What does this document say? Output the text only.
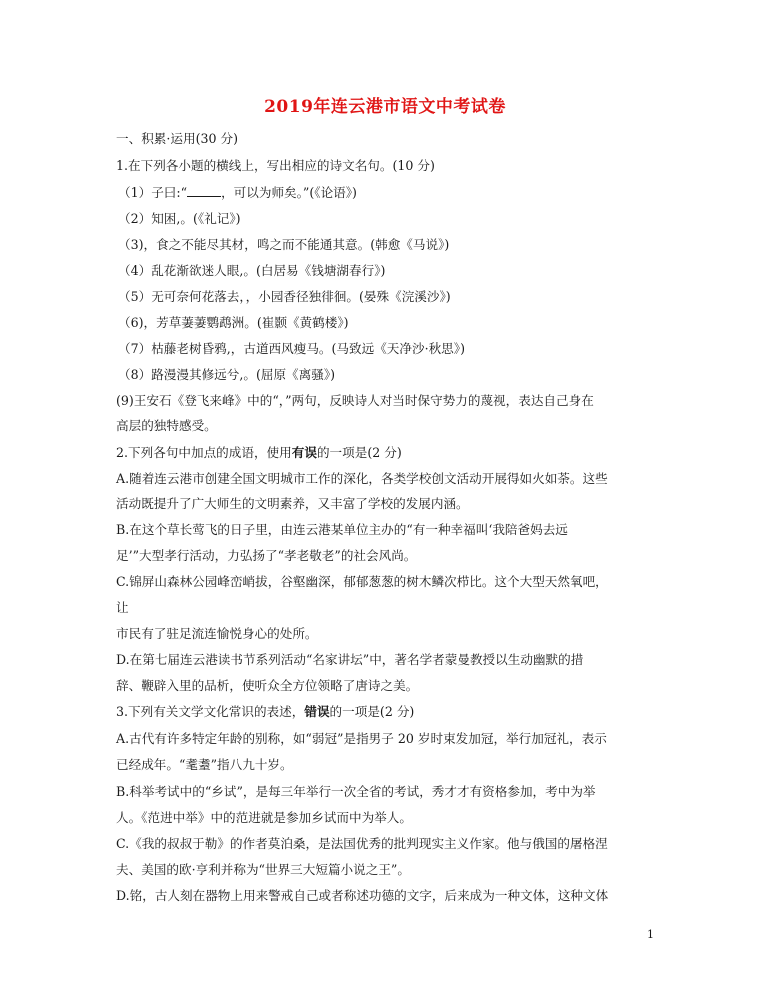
2019年连云港市语文中考试卷
一、积累·运用(30 分)
1.在下列各小题的横线上，写出相应的诗文名句。(10 分)
（1）子曰:“	，可以为师矣。”(《论语》)
（2）知困,。(《礼记》)
（3)，食之不能尽其材，鸣之而不能通其意。(韩愈《马说》)
（4）乱花渐欲迷人眼,。(白居易《钱塘湖春行》)
（5）无可奈何花落去，，小园香径独徘徊。(晏殊《浣溪沙》)
（6)，芳草萋萋鹦鹉洲。(崔颢《黄鹤楼》)
（7）枯藤老树昏鸦,，古道西风瘦马。(马致远《天净沙·秋思》)
（8）路漫漫其修远兮,。(屈原《离骚》)
(9)王安石《登飞来峰》中的“，”两句，反映诗人对当时保守势力的蔑视，表达自己身在
高层的独特感受。
2.下列各句中加点的成语，使用有误的一项是(2 分)
A.随着连云港市创建全国文明城市工作的深化，各类学校创文活动开展得如火如荼。这些
活动既提升了广大师生的文明素养，又丰富了学校的发展内涵。
B.在这个草长莺飞的日子里，由连云港某单位主办的“有一种幸福叫‘我陪爸妈去远
足’”大型孝行活动，力弘扬了“孝老敬老”的社会风尚。
C.锦屏山森林公园峰峦峭拔，谷壑幽深，郁郁葱葱的树木鳞次栉比。这个大型天然氧吧，
让
市民有了驻足流连愉悦身心的处所。
D.在第七届连云港读书节系列活动“名家讲坛”中，著名学者蒙曼教授以生动幽默的措
辞、鞭辟入里的品析，使听众全方位领略了唐诗之美。
3.下列有关文学文化常识的表述，错误的一项是(2 分)
A.古代有许多特定年龄的别称，如“弱冠”是指男子 20 岁时束发加冠，举行加冠礼，表示
已经成年。“耄耋”指八九十岁。
B.科举考试中的“乡试”，是每三年举行一次全省的考试，秀才才有资格参加，考中为举
人。《范进中举》中的范进就是参加乡试而中为举人。
C.《我的叔叔于勒》的作者莫泊桑，是法国优秀的批判现实主义作家。他与俄国的屠格涅
夫、美国的欧·亨利并称为“世界三大短篇小说之王”。
D.铭，古人刻在器物上用来警戒自己或者称述功德的文字，后来成为一种文体，这种文体
1
